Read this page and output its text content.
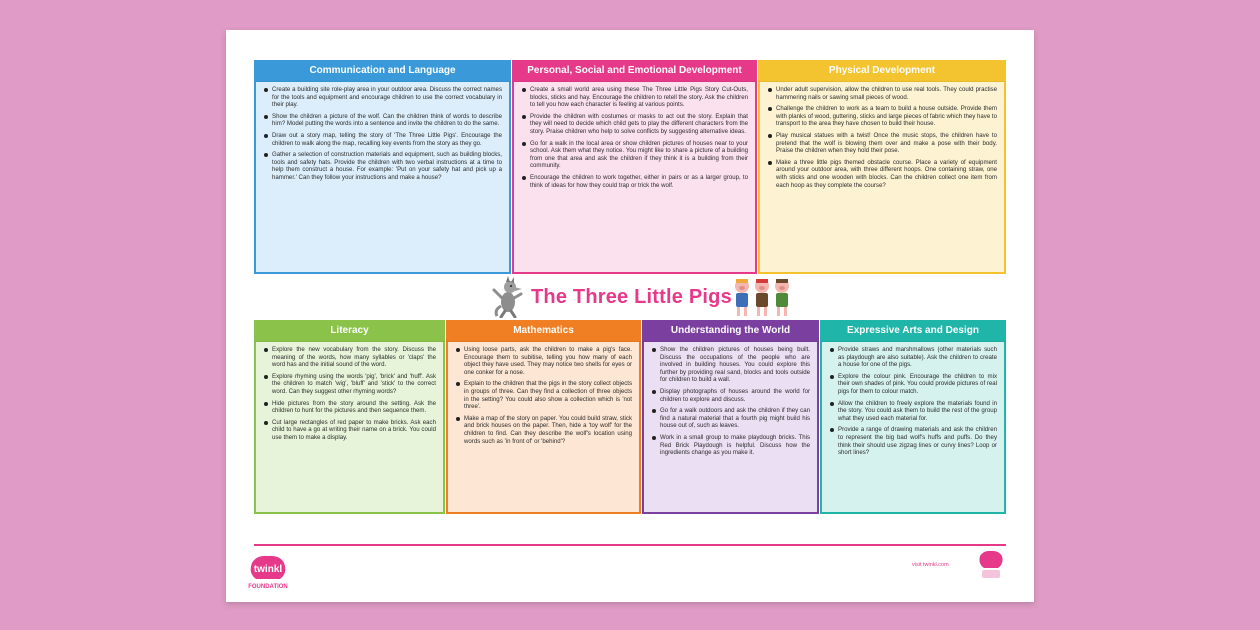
Communication and Language
Create a building site role-play area in your outdoor area. Discuss the correct names for the tools and equipment and encourage children to use the correct vocabulary in their play.
Show the children a picture of the wolf. Can the children think of words to describe him? Model putting the words into a sentence and invite the children to do the same.
Draw out a story map, telling the story of 'The Three Little Pigs'. Encourage the children to walk along the map, recalling key events from the story as they go.
Gather a selection of construction materials and equipment, such as building blocks, tools and safety hats. Provide the children with two verbal instructions at a time to help them construct a house. For example: 'Put on your safety hat and pick up a hammer.' Can they follow your instructions and make a house?
Personal, Social and Emotional Development
Create a small world area using these The Three Little Pigs Story Cut-Outs, blocks, sticks and hay. Encourage the children to retell the story. Ask the children to tell you how each character is feeling at various points.
Provide the children with costumes or masks to act out the story. Explain that they will need to decide which child gets to play the different characters from the story. Praise children who help to solve conflicts by suggesting alternative ideas.
Go for a walk in the local area or show children pictures of houses near to your school. Ask them what they notice. You might like to share a picture of a building from one that area and ask the children if they think it is a building from their community.
Encourage the children to work together, either in pairs or as a larger group, to think of ideas for how they could trap or trick the wolf.
Physical Development
Under adult supervision, allow the children to use real tools. They could practise hammering nails or sawing small pieces of wood.
Challenge the children to work as a team to build a house outside. Provide them with planks of wood, guttering, sticks and large pieces of fabric which they have to transport to the area they have chosen to build their house.
Play musical statues with a twist! Once the music stops, the children have to pretend that the wolf is blowing them over and make a pose with their body. Praise the children when they hold their pose.
Make a three little pigs themed obstacle course. Place a variety of equipment around your outdoor area, with three different hoops. One containing straw, one with sticks and one wooden with blocks. Can the children collect one item from each hoop as they complete the course?
The Three Little Pigs
Literacy
Explore the new vocabulary from the story. Discuss the meaning of the words, how many syllables or 'claps' the word has and the initial sound of the word.
Explore rhyming using the words 'pig', 'brick' and 'huff'. Ask the children to match 'wig', 'bluff' and 'stick' to the correct word. Can they suggest other rhyming words?
Hide pictures from the story around the setting. Ask the children to hunt for the pictures and then sequence them.
Cut large rectangles of red paper to make bricks. Ask each child to have a go at writing their name on a brick. You could use them to make a display.
Mathematics
Using loose parts, ask the children to make a pig's face. Encourage them to subitise, telling you how many of each object they have used. They may notice two shells for eyes or one conker for a nose.
Explain to the children that the pigs in the story collect objects in groups of three. Can they find a collection of three objects in the setting? You could also show a collection which is 'not three'.
Make a map of the story on paper. You could build straw, stick and brick houses on the paper. Then, hide a 'toy wolf' for the children to find. Can they describe the wolf's location using words such as 'in front of' or 'behind'?
Understanding the World
Show the children pictures of houses being built. Discuss the occupations of the people who are involved in building houses. You could explore this further by providing real sand, blocks and tools outside for children to build a wall.
Display photographs of houses around the world for children to explore and discuss.
Go for a walk outdoors and ask the children if they can find a natural material that a fourth pig might build his house out of, such as leaves.
Work in a small group to make playdough bricks. This Red Brick Playdough is helpful. Discuss how the ingredients change as you make it.
Expressive Arts and Design
Provide straws and marshmallows (other materials such as playdough are also suitable). Ask the children to create a house for one of the pigs.
Explore the colour pink. Encourage the children to mix their own shades of pink. You could provide pictures of real pigs for them to colour match.
Allow the children to freely explore the materials found in the story. You could ask them to build the rest of the group what they used each material for.
Provide a range of drawing materials and ask the children to represent the big bad wolf's huffs and puffs. Do they think their should use zigzag lines or curvy lines? Loop or short lines?
twinkl
FOUNDATION
visit twinkl.com
